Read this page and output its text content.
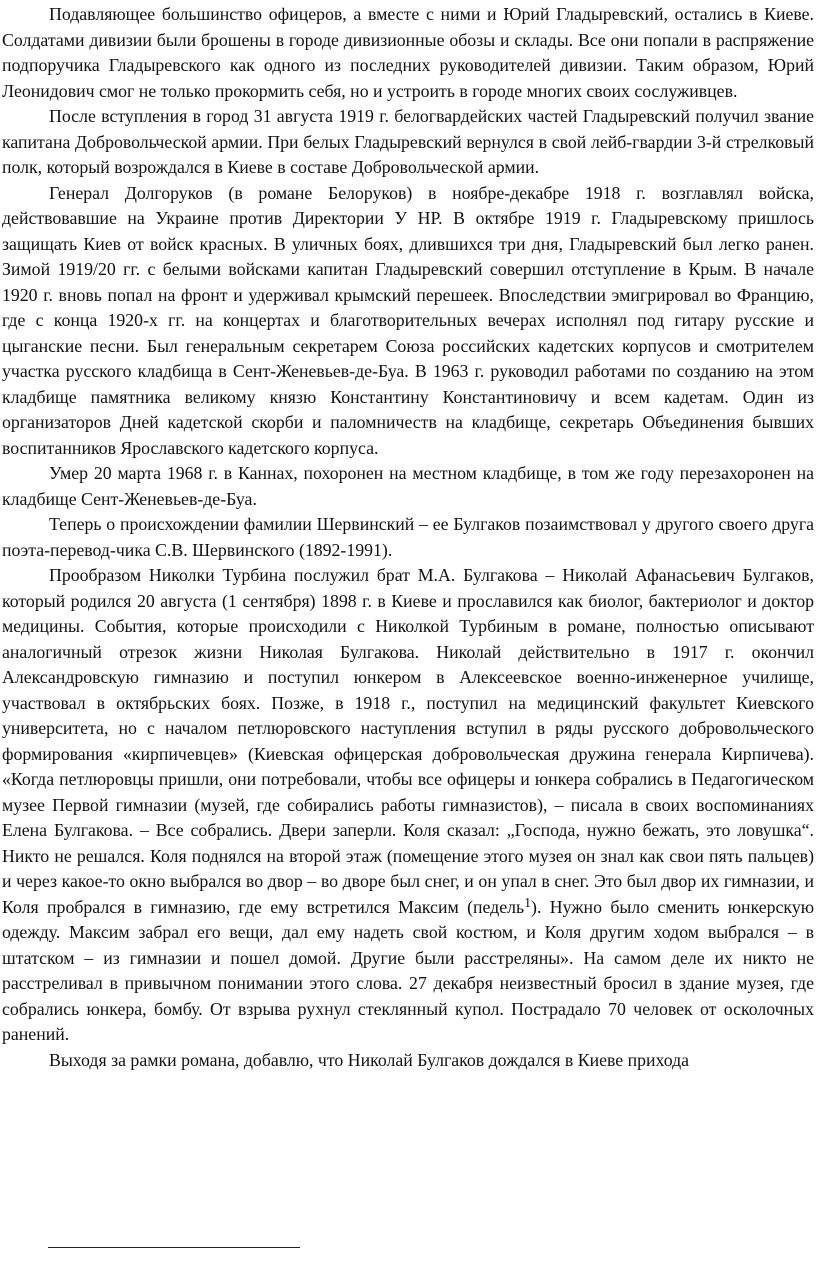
Подавляющее большинство офицеров, а вместе с ними и Юрий Гладыревский, остались в Киеве. Солдатами дивизии были брошены в городе дивизионные обозы и склады. Все они попали в распряжение подпоручика Гладыревского как одного из последних руководителей дивизии. Таким образом, Юрий Леонидович смог не только прокормить себя, но и устроить в городе многих своих сослуживцев.

После вступления в город 31 августа 1919 г. белогвардейских частей Гладыревский получил звание капитана Добровольческой армии. При белых Гладыревский вернулся в свой лейб-гвардии 3-й стрелковый полк, который возрождался в Киеве в составе Добровольческой армии.

Генерал Долгоруков (в романе Белоруков) в ноябре-декабре 1918 г. возглавлял войска, действовавшие на Украине против Директории У НР. В октябре 1919 г. Гладыревскому пришлось защищать Киев от войск красных. В уличных боях, длившихся три дня, Гладыревский был легко ранен. Зимой 1919/20 гг. с белыми войсками капитан Гладыревский совершил отступление в Крым. В начале 1920 г. вновь попал на фронт и удерживал крымский перешеек. Впоследствии эмигрировал во Францию, где с конца 1920-х гг. на концертах и благотворительных вечерах исполнял под гитару русские и цыганские песни. Был генеральным секретарем Союза российских кадетских корпусов и смотрителем участка русского кладбища в Сент-Женевьев-де-Буа. В 1963 г. руководил работами по созданию на этом кладбище памятника великому князю Константину Константиновичу и всем кадетам. Один из организаторов Дней кадетской скорби и паломничеств на кладбище, секретарь Объединения бывших воспитанников Ярославского кадетского корпуса.

Умер 20 марта 1968 г. в Каннах, похоронен на местном кладбище, в том же году перезахоронен на кладбище Сент-Женевьев-де-Буа.

Теперь о происхождении фамилии Шервинский – ее Булгаков позаимствовал у другого своего друга поэта-перевод-чика С.В. Шервинского (1892-1991).

Прообразом Николки Турбина послужил брат М.А. Булгакова – Николай Афанасьевич Булгаков, который родился 20 августа (1 сентября) 1898 г. в Киеве и прославился как биолог, бактериолог и доктор медицины. События, которые происходили с Николкой Турбиным в романе, полностью описывают аналогичный отрезок жизни Николая Булгакова. Николай действительно в 1917 г. окончил Александровскую гимназию и поступил юнкером в Алексеевское военно-инженерное училище, участвовал в октябрьских боях. Позже, в 1918 г., поступил на медицинский факультет Киевского университета, но с началом петлюровского наступления вступил в ряды русского добровольческого формирования «кирпичевцев» (Киевская офицерская добровольческая дружина генерала Кирпичева). «Когда петлюровцы пришли, они потребовали, чтобы все офицеры и юнкера собрались в Педагогическом музее Первой гимназии (музей, где собирались работы гимназистов), – писала в своих воспоминаниях Елена Булгакова. – Все собрались. Двери заперли. Коля сказал: „Господа, нужно бежать, это ловушка“. Никто не решался. Коля поднялся на второй этаж (помещение этого музея он знал как свои пять пальцев) и через какое-то окно выбрался во двор – во дворе был снег, и он упал в снег. Это был двор их гимназии, и Коля пробрался в гимназию, где ему встретился Максим (педель$^1$). Нужно было сменить юнкерскую одежду. Максим забрал его вещи, дал ему надеть свой костюм, и Коля другим ходом выбрался – в штатском – из гимназии и пошел домой. Другие были расстреляны». На самом деле их никто не расстреливал в привычном понимании этого слова. 27 декабря неизвестный бросил в здание музея, где собрались юнкера, бомбу. От взрыва рухнул стеклянный купол. Пострадало 70 человек от осколочных ранений.

Выходя за рамки романа, добавлю, что Николай Булгаков дождался в Киеве прихода
